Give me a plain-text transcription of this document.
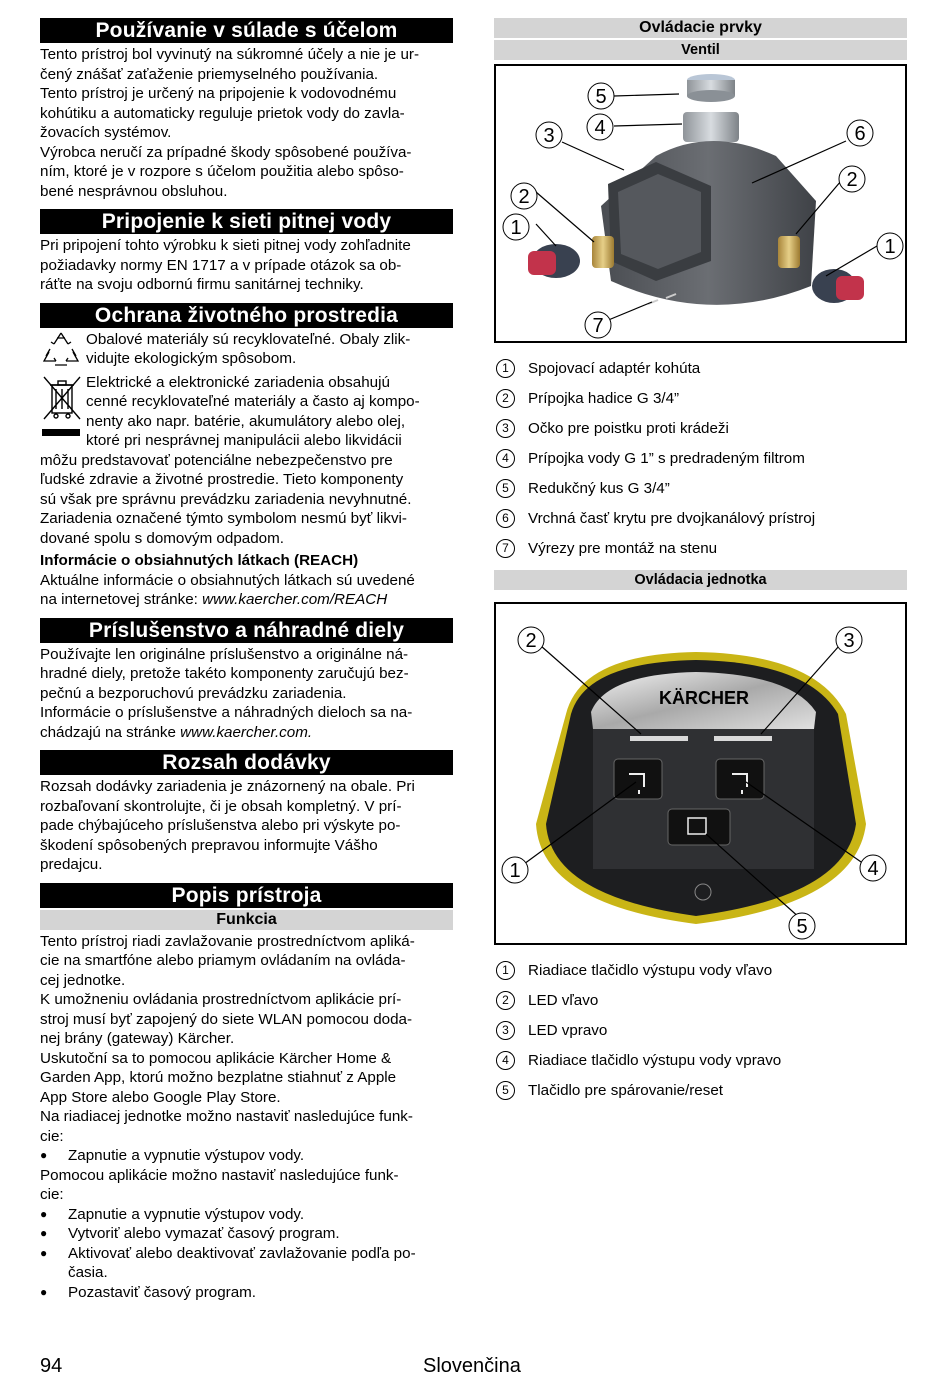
Používanie v súlade s účelom

Tento prístroj bol vyvinutý na súkromné účely a nie je ur-

čený znášať zaťaženie priemyselného používania.

Tento prístroj je určený na pripojenie k vodovodnému

kohútiku a automaticky reguluje prietok vody do zavla-

žovacích systémov.

Výrobca neručí za prípadné škody spôsobené používa-

ním, ktoré je v rozpore s účelom použitia alebo spôso-

bené nesprávnou obsluhou.

Pripojenie k sieti pitnej vody

Pri pripojení tohto výrobku k sieti pitnej vody zohľadnite

požiadavky normy EN 1717 a v prípade otázok sa ob-

ráťte na svoju odbornú firmu sanitárnej techniky.

Ochrana životného prostredia

Obalové materiály sú recyklovateľné. Obaly zlik-

vidujte ekologickým spôsobom.

Elektrické a elektronické zariadenia obsahujú

cenné recyklovateľné materiály a často aj kompo-

nenty ako napr. batérie, akumulátory alebo olej,

ktoré pri nesprávnej manipulácii alebo likvidácii

môžu predstavovať potenciálne nebezpečenstvo pre

ľudské zdravie a životné prostredie. Tieto komponenty

sú však pre správnu prevádzku zariadenia nevyhnutné.

Zariadenia označené týmto symbolom nesmú byť likvi-

dované spolu s domovým odpadom.

Informácie o obsiahnutých látkach (REACH)

Aktuálne informácie o obsiahnutých látkach sú uvedené

na internetovej stránke: www.kaercher.com/REACH

Príslušenstvo a náhradné diely

Používajte len originálne príslušenstvo a originálne ná-

hradné diely, pretože takéto komponenty zaručujú bez-

pečnú a bezporuchovú prevádzku zariadenia.

Informácie o príslušenstve a náhradných dieloch sa na-

chádzajú na stránke www.kaercher.com.

Rozsah dodávky

Rozsah dodávky zariadenia je znázornený na obale. Pri

rozbaľovaní skontrolujte, či je obsah kompletný. V prí-

pade chýbajúceho príslušenstva alebo pri výskyte po-

škodení spôsobených prepravou informujte Vášho

predajcu.

Popis prístroja
Funkcia

Tento prístroj riadi zavlažovanie prostredníctvom apliká-

cie na smartfóne alebo priamym ovládaním na ovláda-

cej jednotke.

K umožneniu ovládania prostredníctvom aplikácie prí-

stroj musí byť zapojený do siete WLAN pomocou doda-

nej brány (gateway) Kärcher.

Uskutoční sa to pomocou aplikácie Kärcher Home &

Garden App, ktorú možno bezplatne stiahnuť z Apple

App Store alebo Google Play Store.

Na riadiacej jednotke možno nastaviť nasledujúce funk-

cie:

● Zapnutie a vypnutie výstupov vody.

Pomocou aplikácie možno nastaviť nasledujúce funk-

cie:

● Zapnutie a vypnutie výstupov vody.
● Vytvoriť alebo vymazať časový program.
● Aktivovať alebo deaktivovať zavlažovanie podľa po-

časia.

● Pozastaviť časový program.
Ovládacie prvky
Ventil
5
4
3	6
2
2
1
1
7
1	Spojovací adaptér kohúta
2	Prípojka hadice G 3/4”
3	Očko pre poistku proti krádeži
4	Prípojka vody G 1” s predradeným filtrom
5	Redukčný kus G 3/4”
6	Vrchná časť krytu pre dvojkanálový prístroj
7	Výrezy pre montáž na stenu
Ovládacia jednotka
KÄRCHER
2	3
1	4
5
1	Riadiace tlačidlo výstupu vody vľavo
2	LED vľavo
3	LED vpravo
4	Riadiace tlačidlo výstupu vody vpravo
5	Tlačidlo pre spárovanie/reset
94	Slovenčina
